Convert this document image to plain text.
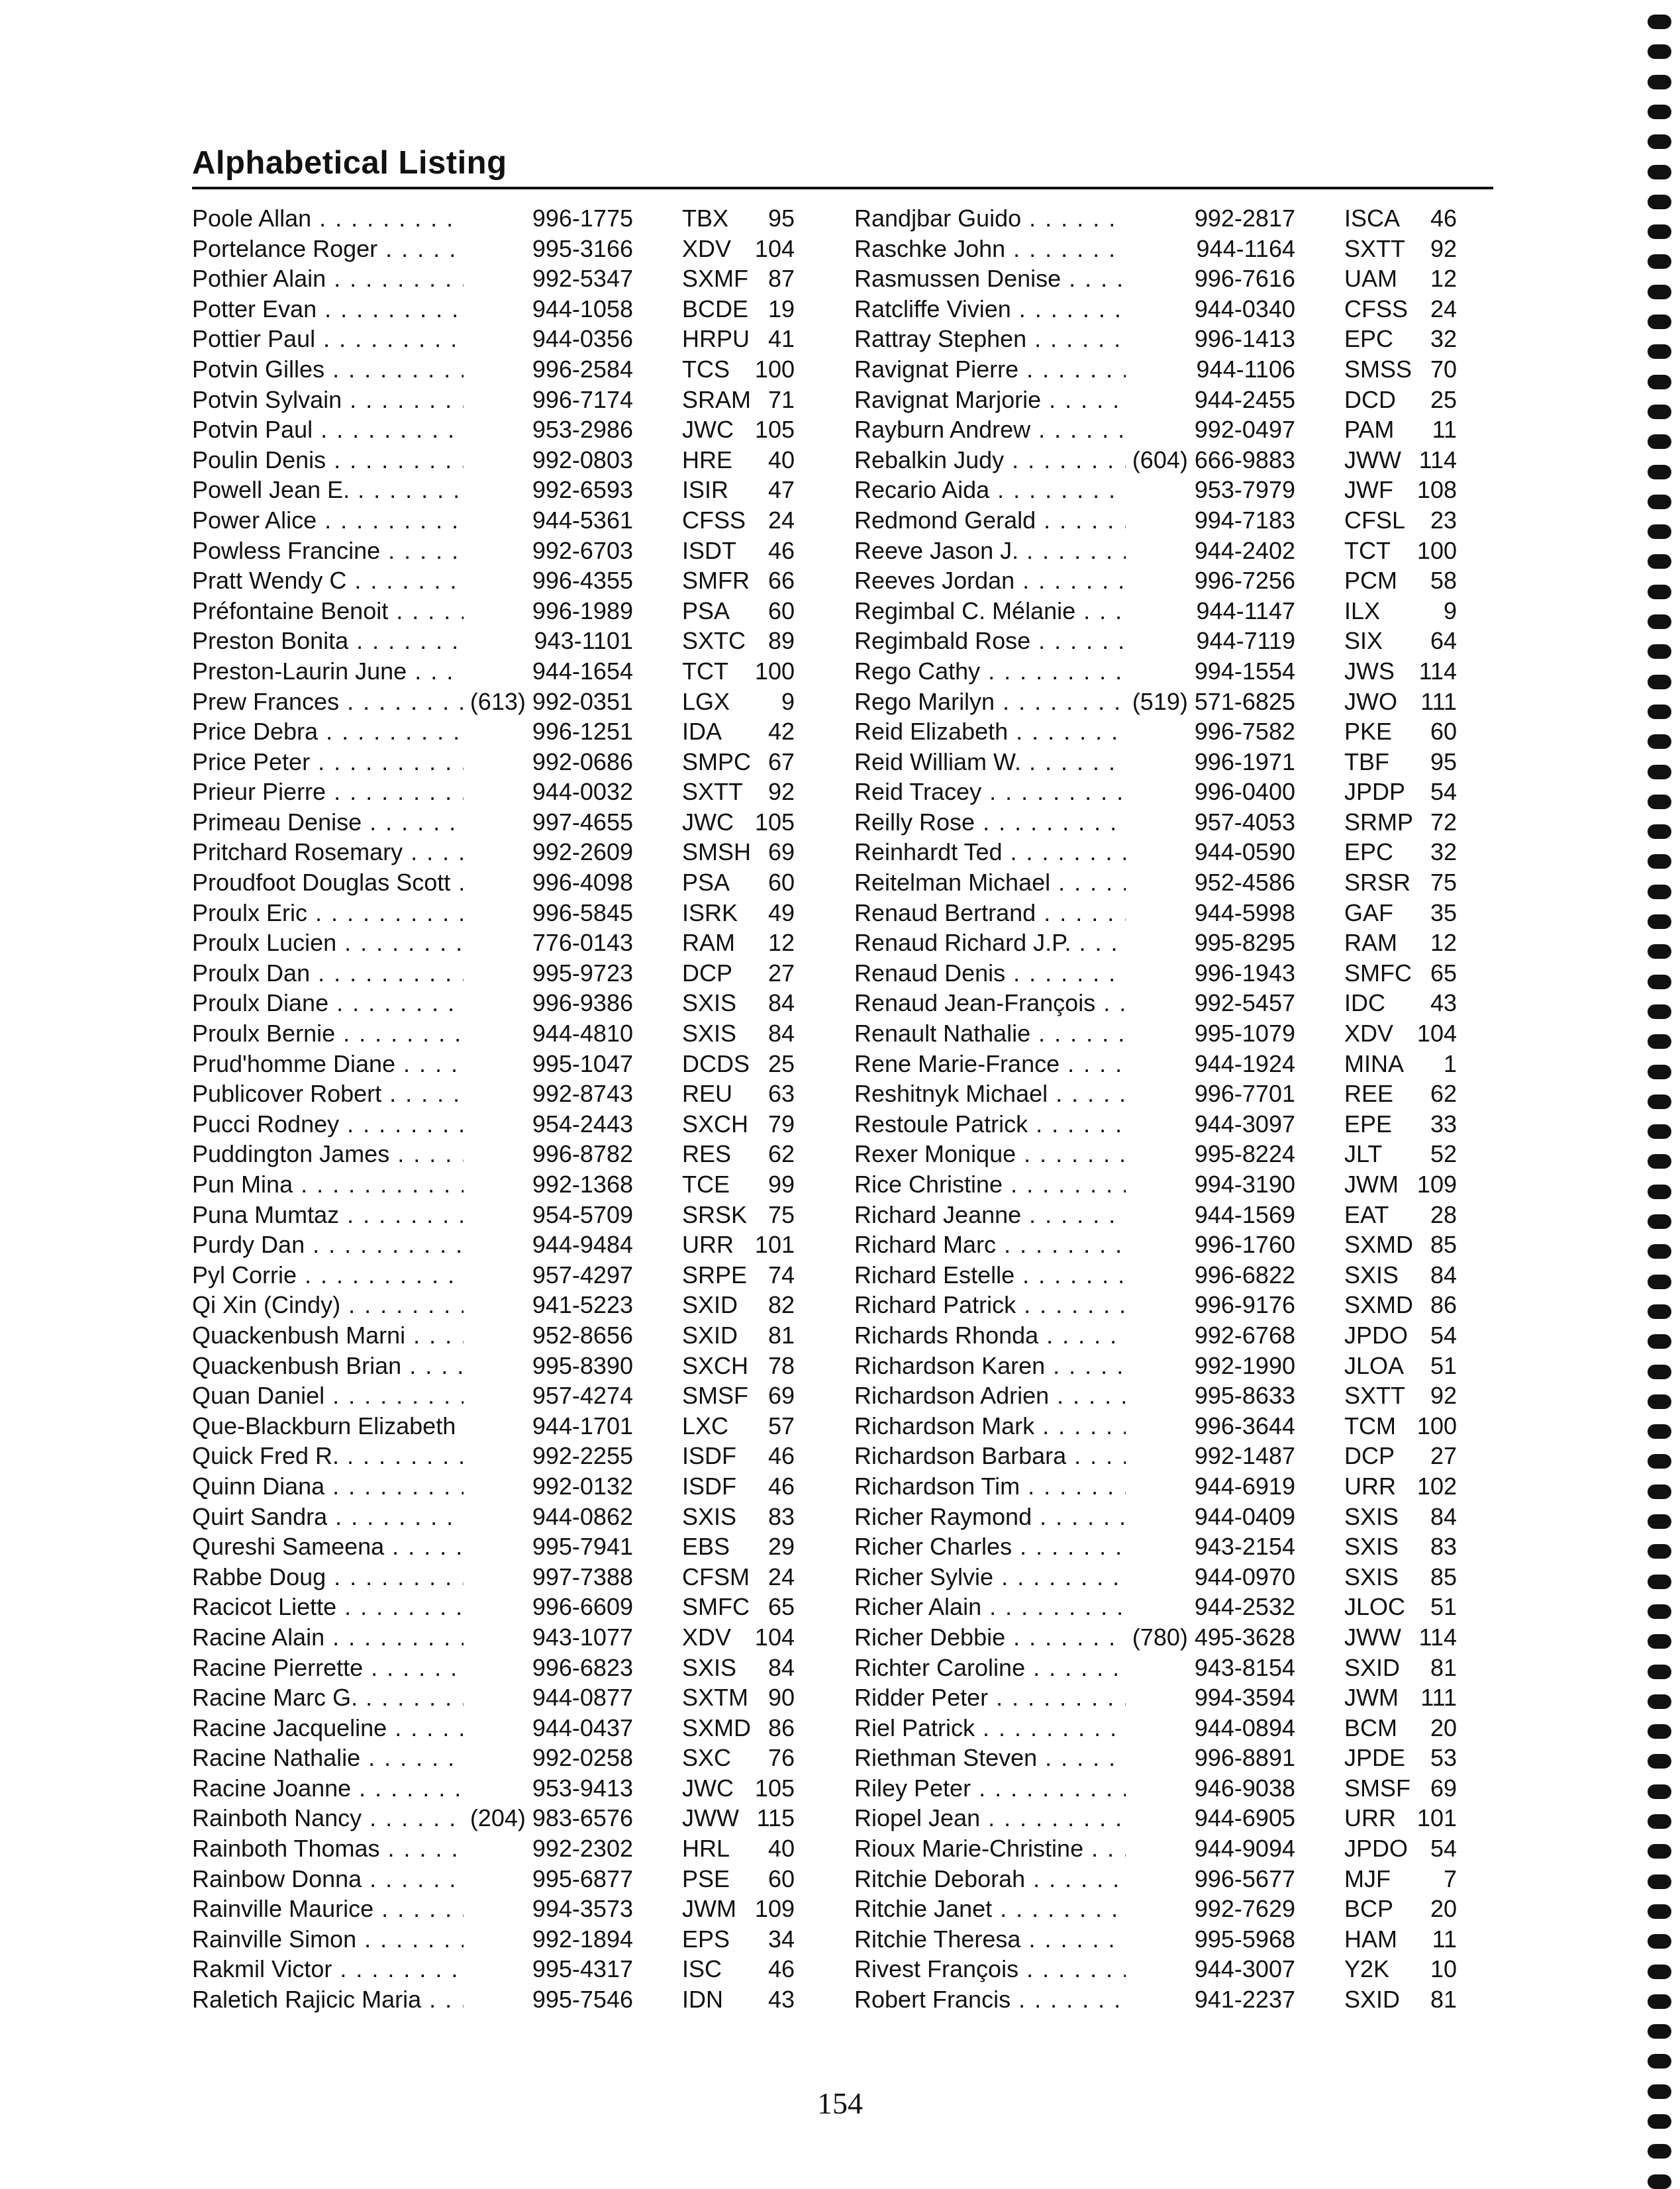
Alphabetical Listing
Poole Allan . . .	996-1775 TBX	95
Portelance Roger . . .	995-3166 XDV 104
Pothier Alain . . .	992-5347 SXMF 87
Potter Evan . . .	944-1058 BCDE 19
Pottier Paul . . .	944-0356 HRPU 41
Potvin Gilles . . .	996-2584 TCS	100
Potvin Sylvain . . .	996-7174 SRAM 71
Potvin Paul . . .	953-2986 JWC 105
Poulin Denis . . .	992-0803 HRE	40
Powell Jean E. . . .	992-6593 ISIR	47
Power Alice . . .	944-5361 CFSS 24
Powless Francine . . .	992-6703 ISDT	46
Pratt Wendy C . . .	996-4355 SMFR 66
Préfontaine Benoit . . .	996-1989 PSA	60
Preston Bonita . . .	943-1101 SXTC 89
Preston-Laurin June . . .	944-1654 TCT	100
Prew Frances . . .	(613) 992-0351 LGX	9
Price Debra . . .	996-1251 IDA	42
Price Peter . . .	992-0686 SMPC 67
Prieur Pierre . . .	944-0032 SXTT	92
Primeau Denise . . .	997-4655 JWC 105
Pritchard Rosemary . . .	992-2609 SMSH 69
Proudfoot Douglas Scott . . .	996-4098 PSA	60
Proulx Eric . . .	996-5845 ISRK	49
Proulx Lucien . . .	776-0143 RAM	12
Proulx Dan . . .	995-9723 DCP	27
Proulx Diane . . .	996-9386 SXIS	84
Proulx Bernie . . .	944-4810 SXIS	84
Prud'homme Diane . . .	995-1047 DCDS 25
Publicover Robert . . .	992-8743 REU	63
Pucci Rodney . . .	954-2443 SXCH 79
Puddington James . . .	996-8782 RES	62
Pun Mina . . .	992-1368 TCE	99
Puna Mumtaz . . .	954-5709 SRSK 75
Purdy Dan . . .	944-9484 URR 101
Pyl Corrie . . .	957-4297 SRPE 74
Qi Xin (Cindy) . . .	941-5223 SXID	82
Quackenbush Marni . . .	952-8656 SXID	81
Quackenbush Brian . . .	995-8390 SXCH 78
Quan Daniel . . .	957-4274 SMSF 69
Que-Blackburn Elizabeth . . .	944-1701 LXC	57
Quick Fred R. . . .	992-2255 ISDF	46
Quinn Diana . . .	992-0132 ISDF	46
Quirt Sandra . . .	944-0862 SXIS	83
Qureshi Sameena . . .	995-7941 EBS	29
Rabbe Doug . . .	997-7388 CFSM 24
Racicot Liette . . .	996-6609 SMFC 65
Racine Alain . . .	943-1077 XDV 104
Racine Pierrette . . .	996-6823 SXIS	84
Racine Marc G. . . .	944-0877 SXTM 90
Racine Jacqueline . . .	944-0437 SXMD 86
Racine Nathalie . . .	992-0258 SXC	76
Racine Joanne . . .	953-9413 JWC 105
Rainboth Nancy . . .	(204) 983-6576 JWW 115
Rainboth Thomas . . .	992-2302 HRL	40
Rainbow Donna . . .	995-6877 PSE	60
Rainville Maurice . . .	994-3573 JWM 109
Rainville Simon . . .	992-1894 EPS	34
Rakmil Victor . . .	995-4317 ISC	46
Raletich Rajicic Maria . . .	995-7546 IDN	43
Randjbar Guido . . .	992-2817 ISCA	46
Raschke John . . .	944-1164 SXTT	92
Rasmussen Denise . . .	996-7616 UAM	12
Ratcliffe Vivien . . .	944-0340 CFSS 24
Rattray Stephen . . .	996-1413 EPC	32
Ravignat Pierre . . .	944-1106 SMSS 70
Ravignat Marjorie . . .	944-2455 DCD	25
Rayburn Andrew . . .	992-0497 PAM	11
Rebalkin Judy . . .	(604) 666-9883 JWW 114
Recario Aida . . .	953-7979 JWF 108
Redmond Gerald . . .	994-7183 CFSL	23
Reeve Jason J. . . .	944-2402 TCT	100
Reeves Jordan . . .	996-7256 PCM	58
Regimbal C. Mélanie . . .	944-1147 ILX	9
Regimbald Rose . . .	944-7119 SIX	64
Rego Cathy . . .	994-1554 JWS	114
Rego Marilyn . . .	(519) 571-6825 JWO 111
Reid Elizabeth . . .	996-7582 PKE	60
Reid William W. . . .	996-1971 TBF	95
Reid Tracey . . .	996-0400 JPDP	54
Reilly Rose . . .	957-4053 SRMP 72
Reinhardt Ted . . .	944-0590 EPC	32
Reitelman Michael . . .	952-4586 SRSR 75
Renaud Bertrand . . .	944-5998 GAF	35
Renaud Richard J.P. . . .	995-8295 RAM	12
Renaud Denis . . .	996-1943 SMFC 65
Renaud Jean-François . . .	992-5457 IDC	43
Renault Nathalie . . .	995-1079 XDV 104
Rene Marie-France . . .	944-1924 MINA	1
Reshitnyk Michael . . .	996-7701 REE	62
Restoule Patrick . . .	944-3097 EPE	33
Rexer Monique . . .	995-8224 JLT	52
Rice Christine . . .	994-3190 JWM 109
Richard Jeanne . . .	944-1569 EAT	28
Richard Marc . . .	996-1760 SXMD 85
Richard Estelle . . .	996-6822 SXIS	84
Richard Patrick . . .	996-9176 SXMD 86
Richards Rhonda . . .	992-6768 JPDO 54
Richardson Karen . . .	992-1990 JLOA	51
Richardson Adrien . . .	995-8633 SXTT	92
Richardson Mark . . .	996-3644 TCM 100
Richardson Barbara . . .	992-1487 DCP	27
Richardson Tim . . .	944-6919 URR 102
Richer Raymond . . .	944-0409 SXIS	84
Richer Charles . . .	943-2154 SXIS	83
Richer Sylvie . . .	944-0970 SXIS	85
Richer Alain . . .	944-2532 JLOC	51
Richer Debbie . . .	(780) 495-3628 JWW 114
Richter Caroline . . .	943-8154 SXID	81
Ridder Peter . . .	994-3594 JWM 111
Riel Patrick . . .	944-0894 BCM	20
Riethman Steven . . .	996-8891 JPDE	53
Riley Peter . . .	946-9038 SMSF 69
Riopel Jean . . .	944-6905 URR 101
Rioux Marie-Christine . . .	944-9094 JPDO 54
Ritchie Deborah . . .	996-5677 MJF	7
Ritchie Janet . . .	992-7629 BCP	20
Ritchie Theresa . . .	995-5968 HAM	11
Rivest François . . .	944-3007 Y2K	10
Robert Francis . . .	941-2237 SXID	81
154
